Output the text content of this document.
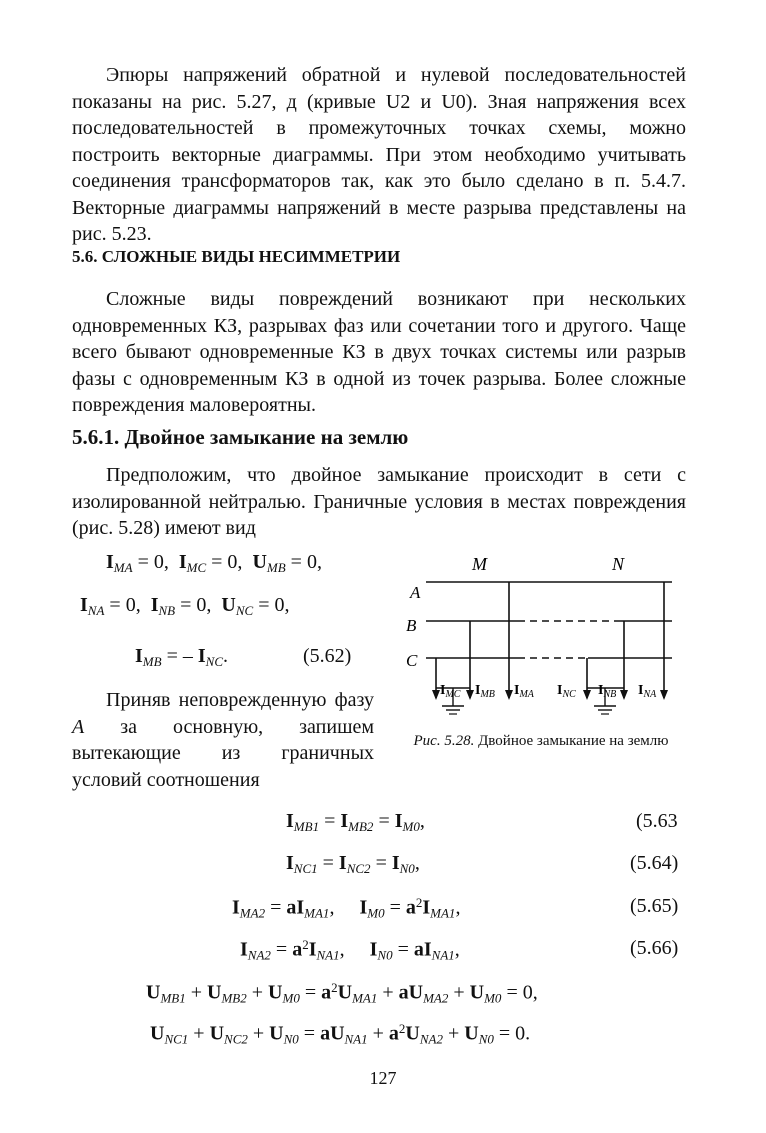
Эпюры напряжений обратной и нулевой последовательностей показаны на рис. 5.27, д (кривые U2 и U0). Зная напряжения всех последовательностей в промежуточных точках схемы, можно построить векторные диаграммы. При этом необходимо учитывать соединения трансформаторов так, как это было сделано в п. 5.4.7. Векторные диаграммы напряжений в месте разрыва представлены на рис. 5.23.

5.6. СЛОЖНЫЕ ВИДЫ НЕСИММЕТРИИ

Сложные виды повреждений возникают при нескольких одновременных КЗ, разрывах фаз или сочетании того и другого. Чаще всего бывают одновременные КЗ в двух точках системы или разрыв фазы с одновременным КЗ в одной из точек разрыва. Более сложные повреждения маловероятны.

5.6.1. Двойное замыкание на землю

Предположим, что двойное замыкание происходит в сети с изолированной нейтралью. Граничные условия в местах повреждения (рис. 5.28) имеют вид

$I_{MA} = 0$,  $I_{MC} = 0$,  $U_{MB} = 0$,
$I_{NA} = 0$,  $I_{NB} = 0$,  $U_{NC} = 0$,
$I_{MB}$ = – $I_{NC}$.	(5.62)

Приняв неповрежденную фазу A за основную, запишем вытекающие из граничных условий соотношения

M	N
A
B
C
$I_{MC}$ $I_{MB}$ $I_{MA}$ $I_{NC}$ $I_{NB}$ $I_{NA}$
Рис. 5.28. Двойное замыкание на землю
$I_{MB1} = I_{MB2} = I_{M0}$,	(5.63
$I_{NC1} = I_{NC2} = I_{N0}$,	(5.64)
$I_{MA2} = aI_{MA1}$,     $I_{M0} = a^2I_{MA1}$,	(5.65)
$I_{NA2} = a^2I_{NA1}$,     $I_{N0} = aI_{NA1}$,	(5.66)
$U_{MB1} + U_{MB2} + U_{M0} = a^2U_{MA1} + aU_{MA2} + U_{M0} = 0$,
$U_{NC1} + U_{NC2} + U_{N0} = aU_{NA1} + a^2U_{NA2} + U_{N0} = 0$.
127
